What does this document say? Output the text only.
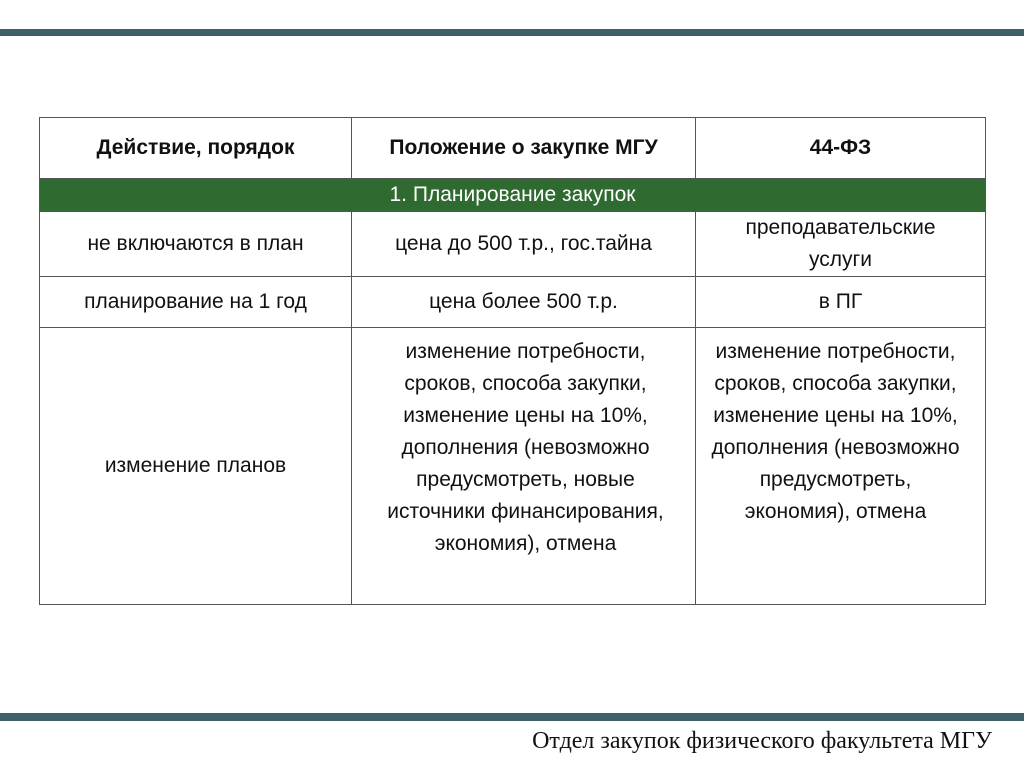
Действие, порядок	Положение о закупке МГУ	44-ФЗ

1. Планирование закупок		

не включаются в план	цена до 500 т.р., гос.тайна	преподавательские услуги
планирование на 1 год	цена более 500 т.р.	в ПГ
изменение планов	изменение потребности, сроков, способа закупки, изменение цены на 10%, дополнения (невозможно предусмотреть, новые источники финансирования, экономия), отмена	изменение потребности, сроков, способа закупки, изменение цены на 10%, дополнения (невозможно предусмотреть, экономия), отмена
Отдел закупок физического факультета МГУ
